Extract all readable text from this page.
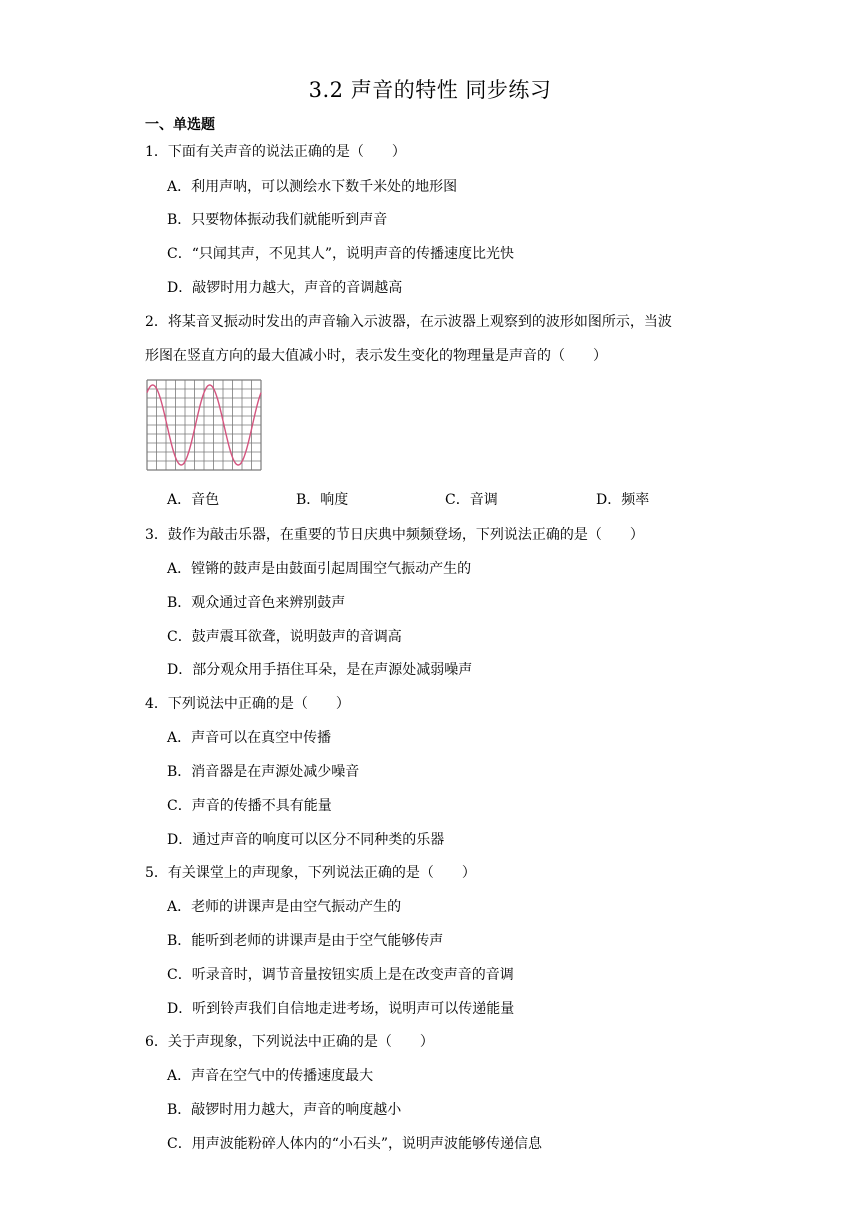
3.2 声音的特性 同步练习
一、单选题
1．下面有关声音的说法正确的是（　　）
A．利用声呐，可以测绘水下数千米处的地形图
B．只要物体振动我们就能听到声音
C．“只闻其声，不见其人”，说明声音的传播速度比光快
D．敲锣时用力越大，声音的音调越高
2．将某音叉振动时发出的声音输入示波器，在示波器上观察到的波形如图所示，当波
形图在竖直方向的最大值减小时，表示发生变化的物理量是声音的（　　）
A．音色	B．响度	C．音调	D．频率
3．鼓作为敲击乐器，在重要的节日庆典中频频登场，下列说法正确的是（　　）
A．镗锵的鼓声是由鼓面引起周围空气振动产生的
B．观众通过音色来辨别鼓声
C．鼓声震耳欲聋，说明鼓声的音调高
D．部分观众用手捂住耳朵，是在声源处减弱噪声
4．下列说法中正确的是（　　）
A．声音可以在真空中传播
B．消音器是在声源处减少噪音
C．声音的传播不具有能量
D．通过声音的响度可以区分不同种类的乐器
5．有关课堂上的声现象，下列说法正确的是（　　）
A．老师的讲课声是由空气振动产生的
B．能听到老师的讲课声是由于空气能够传声
C．听录音时，调节音量按钮实质上是在改变声音的音调
D．听到铃声我们自信地走进考场，说明声可以传递能量
6．关于声现象，下列说法中正确的是（　　）
A．声音在空气中的传播速度最大
B．敲锣时用力越大，声音的响度越小
C．用声波能粉碎人体内的“小石头”，说明声波能够传递信息
